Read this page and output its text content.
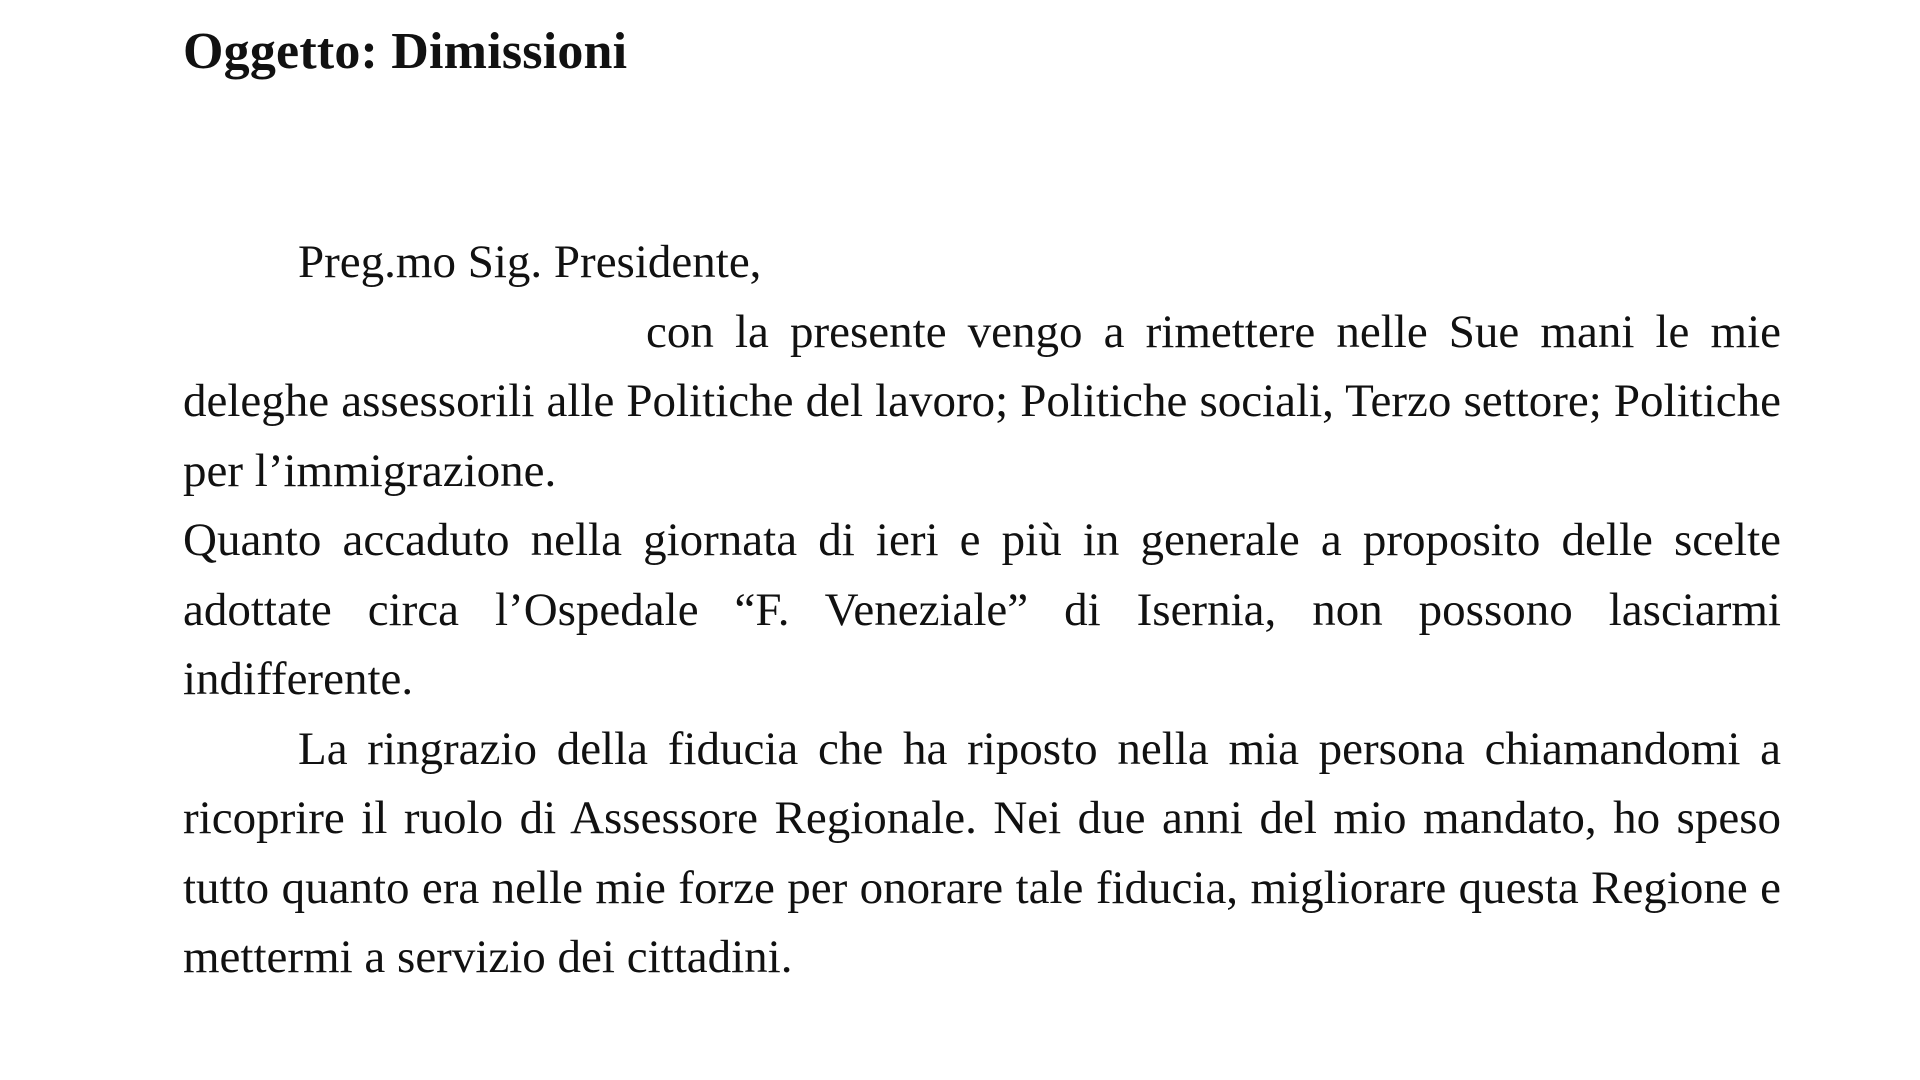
Oggetto: Dimissioni

Preg.mo Sig. Presidente,

con la presente vengo a rimettere nelle Sue mani le mie deleghe assessorili alle Politiche del lavoro; Politiche sociali, Terzo settore; Politiche per l’immigrazione.

Quanto accaduto nella giornata di ieri e più in generale a proposito delle scelte adottate circa l’Ospedale “F. Veneziale” di Isernia, non possono lasciarmi indifferente.

La ringrazio della fiducia che ha riposto nella mia persona chiamandomi a ricoprire il ruolo di Assessore Regionale. Nei due anni del mio mandato, ho speso tutto quanto era nelle mie forze per onorare tale fiducia, migliorare questa Regione e mettermi a servizio dei cittadini.
